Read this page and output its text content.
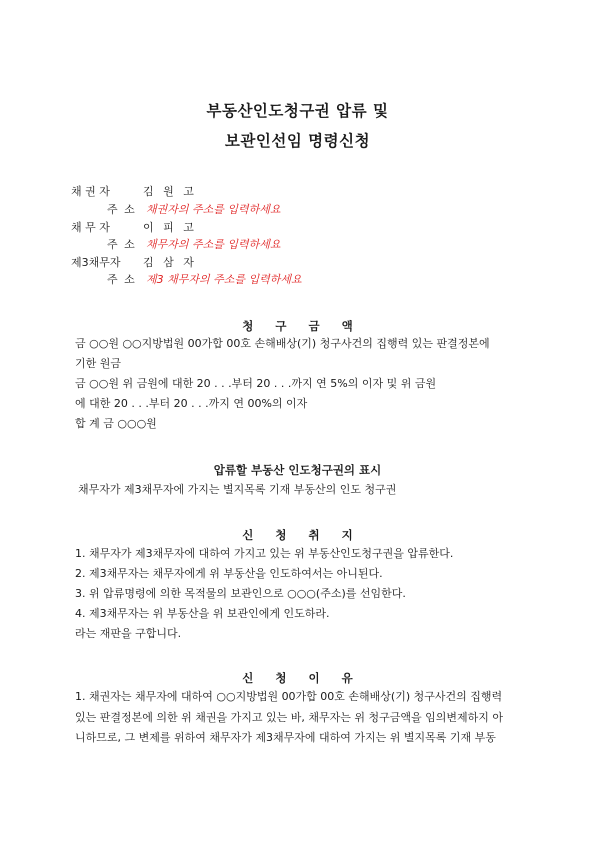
부동산인도청구권 압류 및
보관인선임 명령신청
채 권 자	김 원 고
주 소 채권자의 주소를 입력하세요
채 무 자	이 피 고
주 소 채무자의 주소를 입력하세요
제3채무자 김 삼 자
주 소 제3 채무자의 주소를 입력하세요
청 구 금 액
금 ○○원 ○○지방법원 00가합 00호 손해배상(기) 청구사건의 집행력 있는 판결정본에
기한 원금
금 ○○원 위 금원에 대한 20 . . .부터 20 . . .까지 연 5%의 이자 및 위 금원
에 대한 20 . . .부터 20 . . .까지 연 00%의 이자
합 계 금 ○○○원
압류할 부동산 인도청구권의 표시
채무자가 제3채무자에 가지는 별지목록 기재 부동산의 인도 청구권
신 청 취 지
1. 채무자가 제3채무자에 대하여 가지고 있는 위 부동산인도청구권을 압류한다.
2. 제3채무자는 채무자에게 위 부동산을 인도하여서는 아니된다.
3. 위 압류명령에 의한 목적물의 보관인으로 ○○○(주소)를 선임한다.
4. 제3채무자는 위 부동산을 위 보관인에게 인도하라.
라는 재판을 구합니다.
신 청 이 유
1. 채권자는 채무자에 대하여 ○○지방법원 00가합 00호 손해배상(기) 청구사건의 집행력
있는 판결정본에 의한 위 채권을 가지고 있는 바, 채무자는 위 청구금액을 임의변제하지 아
니하므로, 그 변제를 위하여 채무자가 제3채무자에 대하여 가지는 위 별지목록 기재 부동
